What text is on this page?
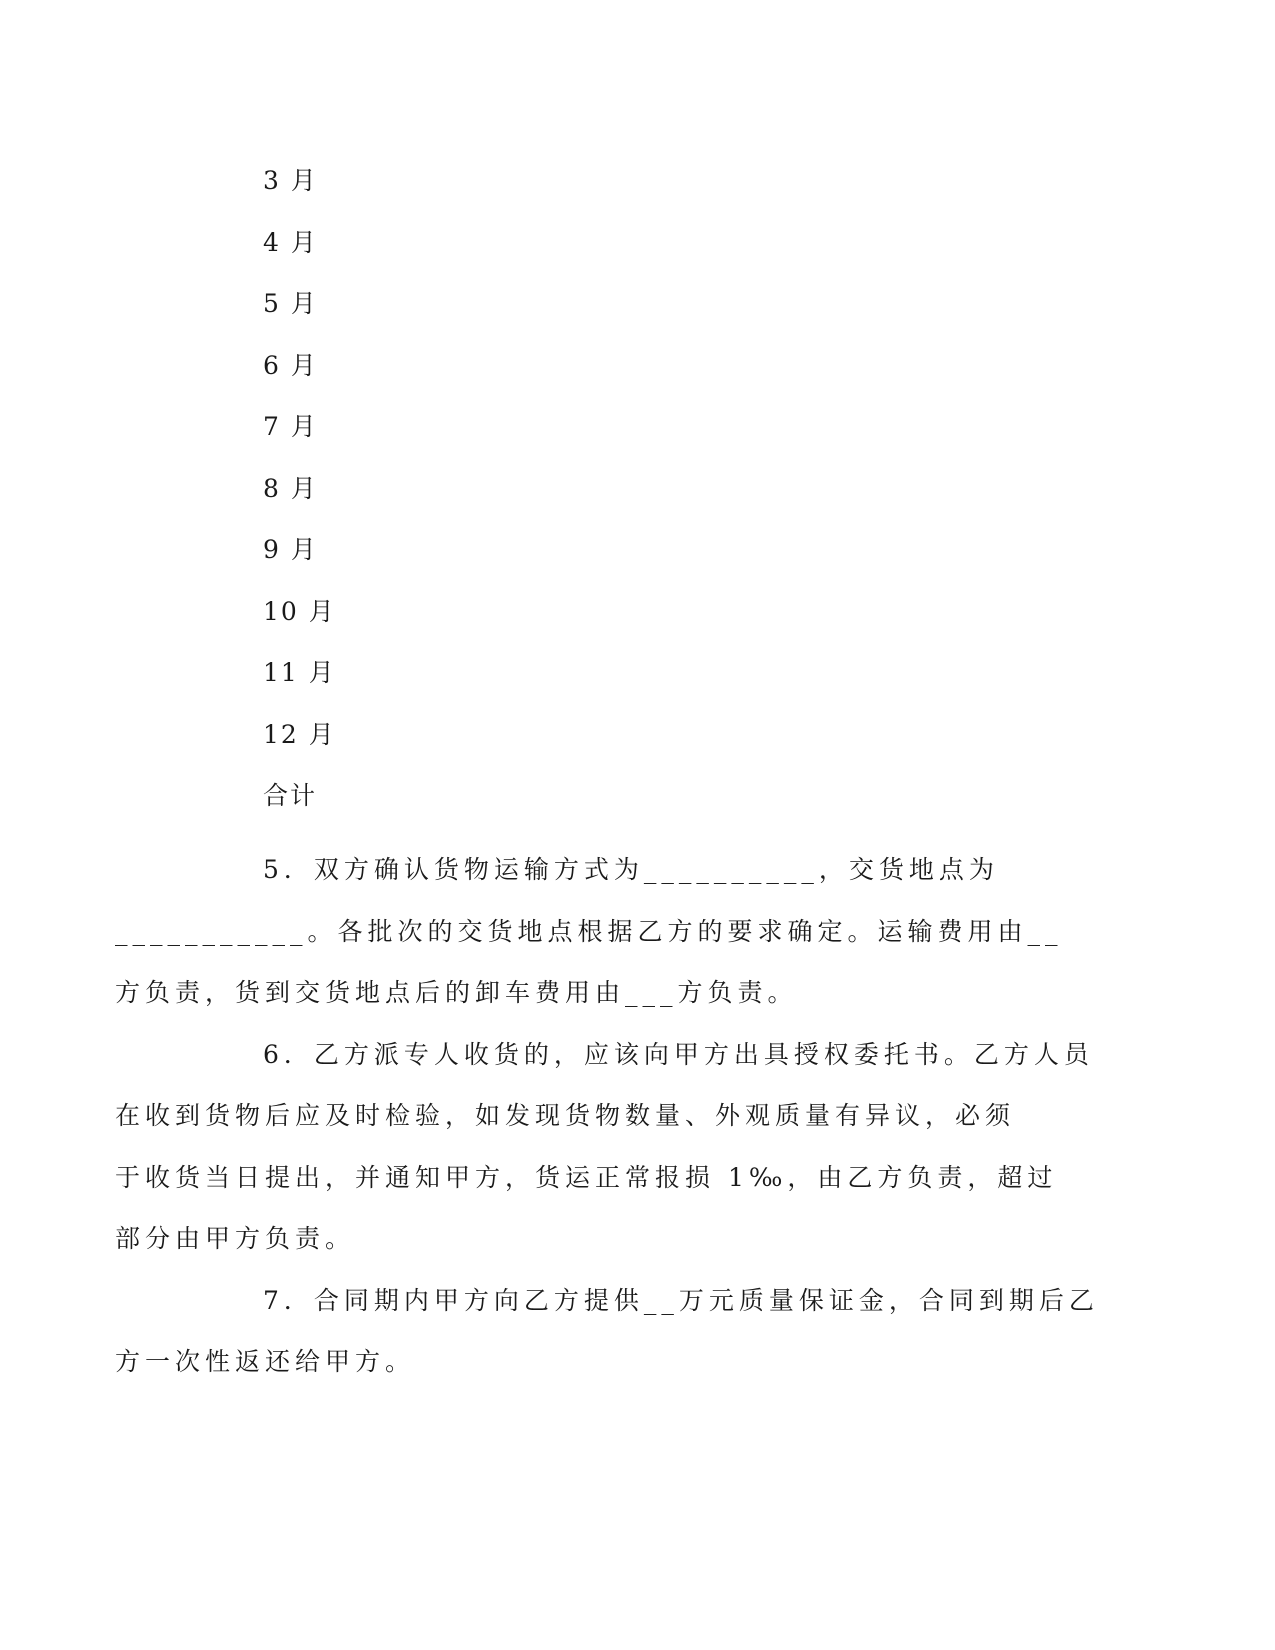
3 月
4 月
5 月
6 月
7 月
8 月
9 月
10 月
11 月
12 月
合计

5．双方确认货物运输方式为__________，交货地点为
___________。各批次的交货地点根据乙方的要求确定。运输费用由__
方负责，货到交货地点后的卸车费用由___方负责。

6．乙方派专人收货的，应该向甲方出具授权委托书。乙方人员
在收到货物后应及时检验，如发现货物数量、外观质量有异议，必须
于收货当日提出，并通知甲方，货运正常报损 1‰，由乙方负责，超过
部分由甲方负责。

7．合同期内甲方向乙方提供__万元质量保证金，合同到期后乙
方一次性返还给甲方。
